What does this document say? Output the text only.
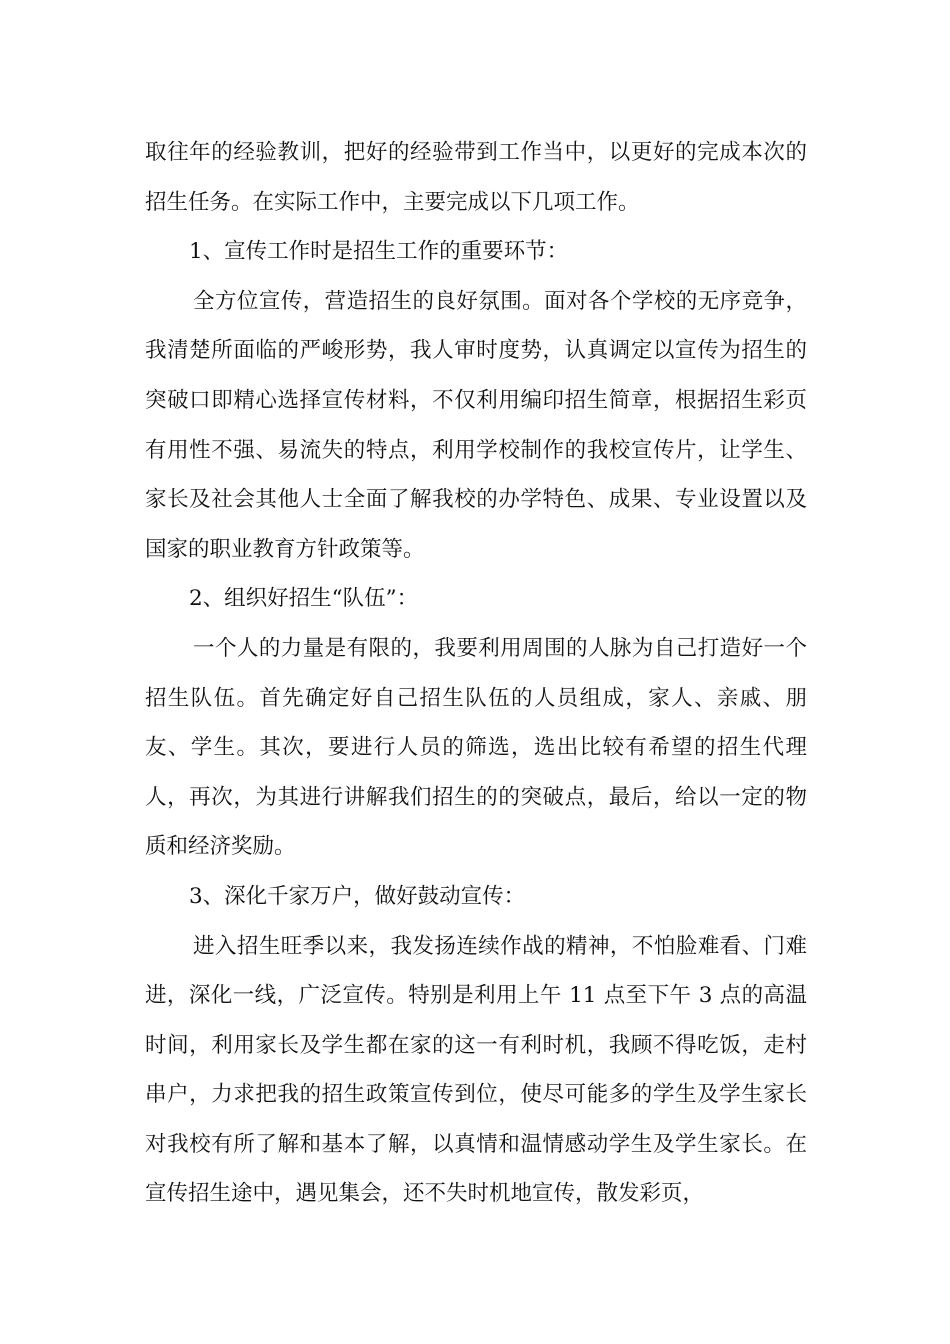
取往年的经验教训，把好的经验带到工作当中，以更好的完成本次的招生任务。在实际工作中，主要完成以下几项工作。

1、宣传工作时是招生工作的重要环节：

全方位宣传，营造招生的良好氛围。面对各个学校的无序竞争，我清楚所面临的严峻形势，我人审时度势，认真调定以宣传为招生的突破口即精心选择宣传材料，不仅利用编印招生简章，根据招生彩页有用性不强、易流失的特点，利用学校制作的我校宣传片，让学生、家长及社会其他人士全面了解我校的办学特色、成果、专业设置以及国家的职业教育方针政策等。

2、组织好招生“队伍”：

一个人的力量是有限的，我要利用周围的人脉为自己打造好一个招生队伍。首先确定好自己招生队伍的人员组成，家人、亲戚、朋友、学生。其次，要进行人员的筛选，选出比较有希望的招生代理人，再次，为其进行讲解我们招生的的突破点，最后，给以一定的物质和经济奖励。

3、深化千家万户，做好鼓动宣传：

进入招生旺季以来，我发扬连续作战的精神，不怕脸难看、门难进，深化一线，广泛宣传。特别是利用上午 11 点至下午 3 点的高温时间，利用家长及学生都在家的这一有利时机，我顾不得吃饭，走村串户，力求把我的招生政策宣传到位，使尽可能多的学生及学生家长对我校有所了解和基本了解，以真情和温情感动学生及学生家长。在宣传招生途中，遇见集会，还不失时机地宣传，散发彩页，
